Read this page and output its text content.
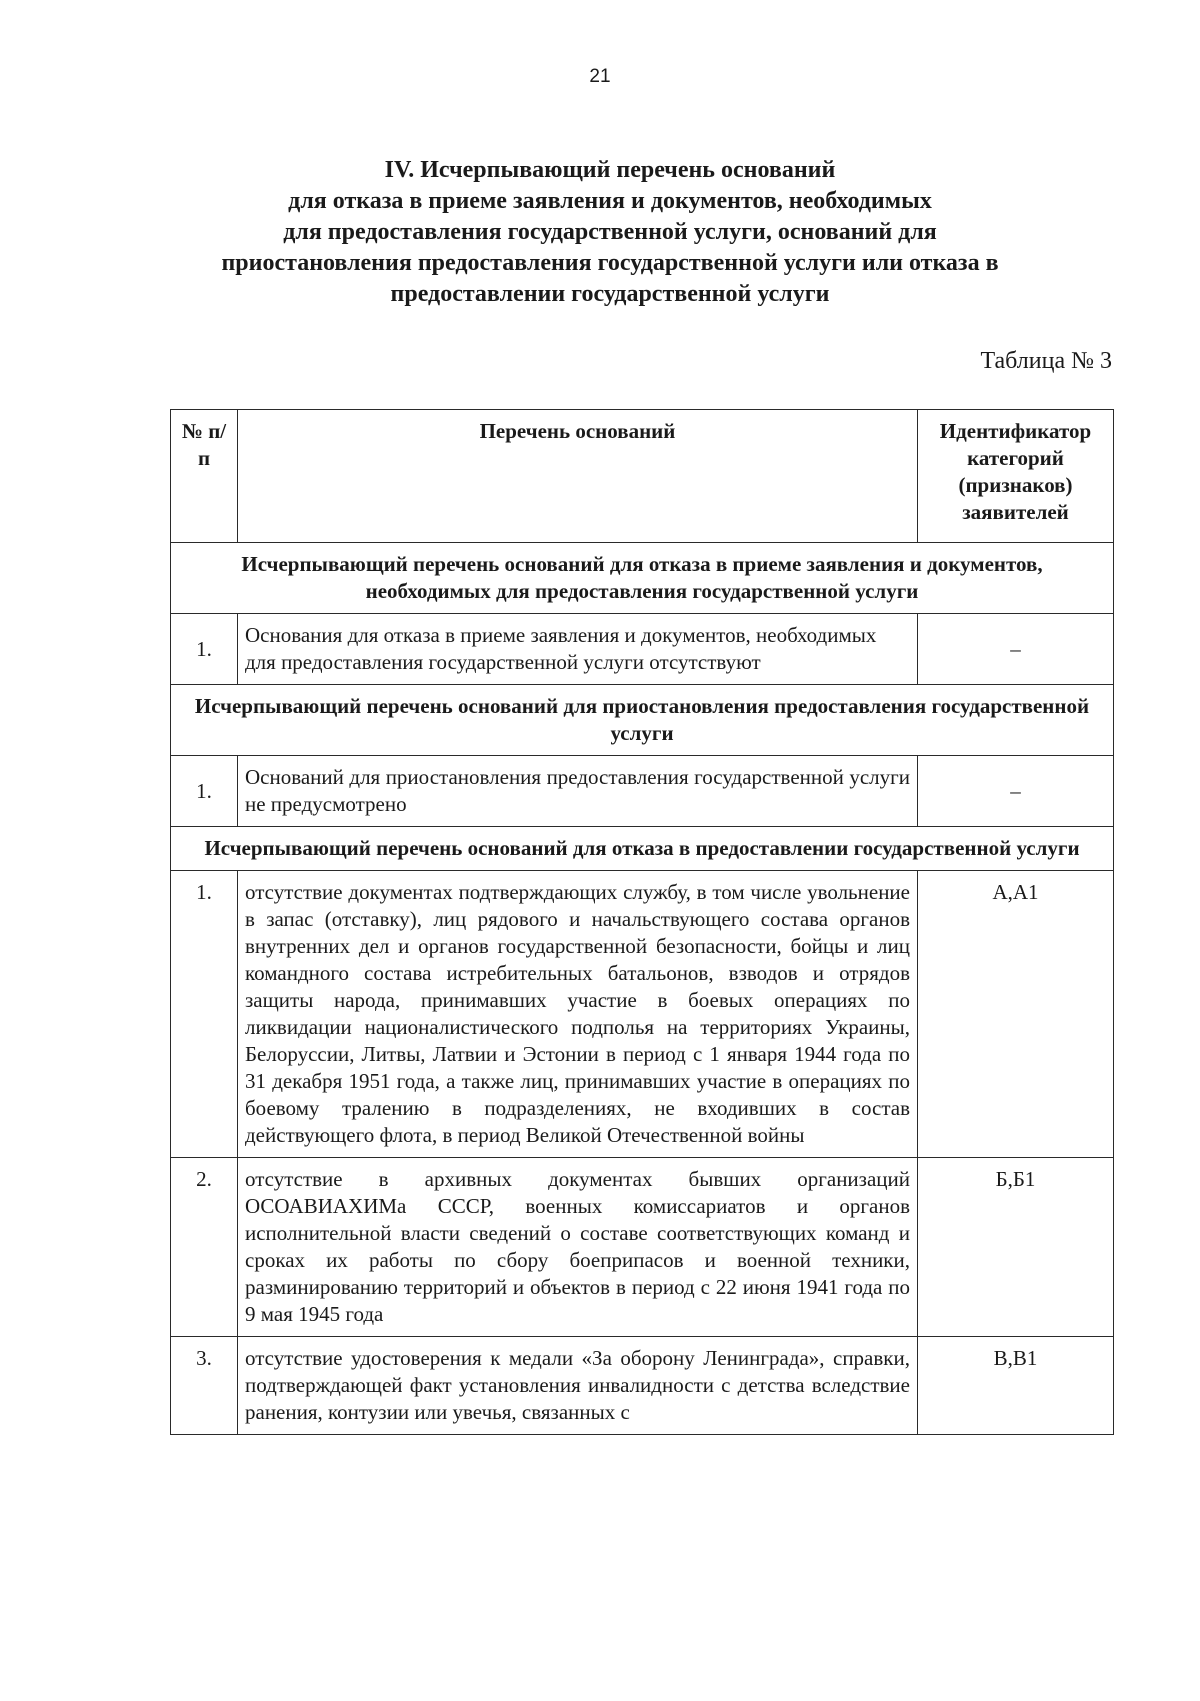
21
IV. Исчерпывающий перечень оснований
для отказа в приеме заявления и документов, необходимых
для предоставления государственной услуги, оснований для
приостановления предоставления государственной услуги или отказа в
предоставлении государственной услуги
Таблица № 3
№ п/п	Перечень оснований	Идентификатор категорий (признаков) заявителей
Исчерпывающий перечень оснований для отказа в приеме заявления и документов, необходимых для предоставления государственной услуги		
1.	Основания для отказа в приеме заявления и документов, необходимых для предоставления государственной услуги отсутствуют	–
Исчерпывающий перечень оснований для приостановления предоставления государственной услуги		
1.	Оснований для приостановления предоставления государственной услуги не предусмотрено	–
Исчерпывающий перечень оснований для отказа в предоставлении государственной услуги		
1.	отсутствие документах подтверждающих службу, в том числе увольнение в запас (отставку), лиц рядового и начальствующего состава органов внутренних дел и органов государственной безопасности, бойцы и лиц командного состава истребительных батальонов, взводов и отрядов защиты народа, принимавших участие в боевых операциях по ликвидации националистического подполья на территориях Украины, Белоруссии, Литвы, Латвии и Эстонии в период с 1 января 1944 года по 31 декабря 1951 года, а также лиц, принимавших участие в операциях по боевому тралению в подразделениях, не входивших в состав действующего флота, в период Великой Отечественной войны	А,А1
2.	отсутствие в архивных документах бывших организаций ОСОАВИАХИМа СССР, военных комиссариатов и органов исполнительной власти сведений о составе соответствующих команд и сроках их работы по сбору боеприпасов и военной техники, разминированию территорий и объектов в период с 22 июня 1941 года по 9 мая 1945 года	Б,Б1
3.	отсутствие удостоверения к медали «За оборону Ленинграда», справки, подтверждающей факт установления инвалидности с детства вследствие ранения, контузии или увечья, связанных с	В,В1
